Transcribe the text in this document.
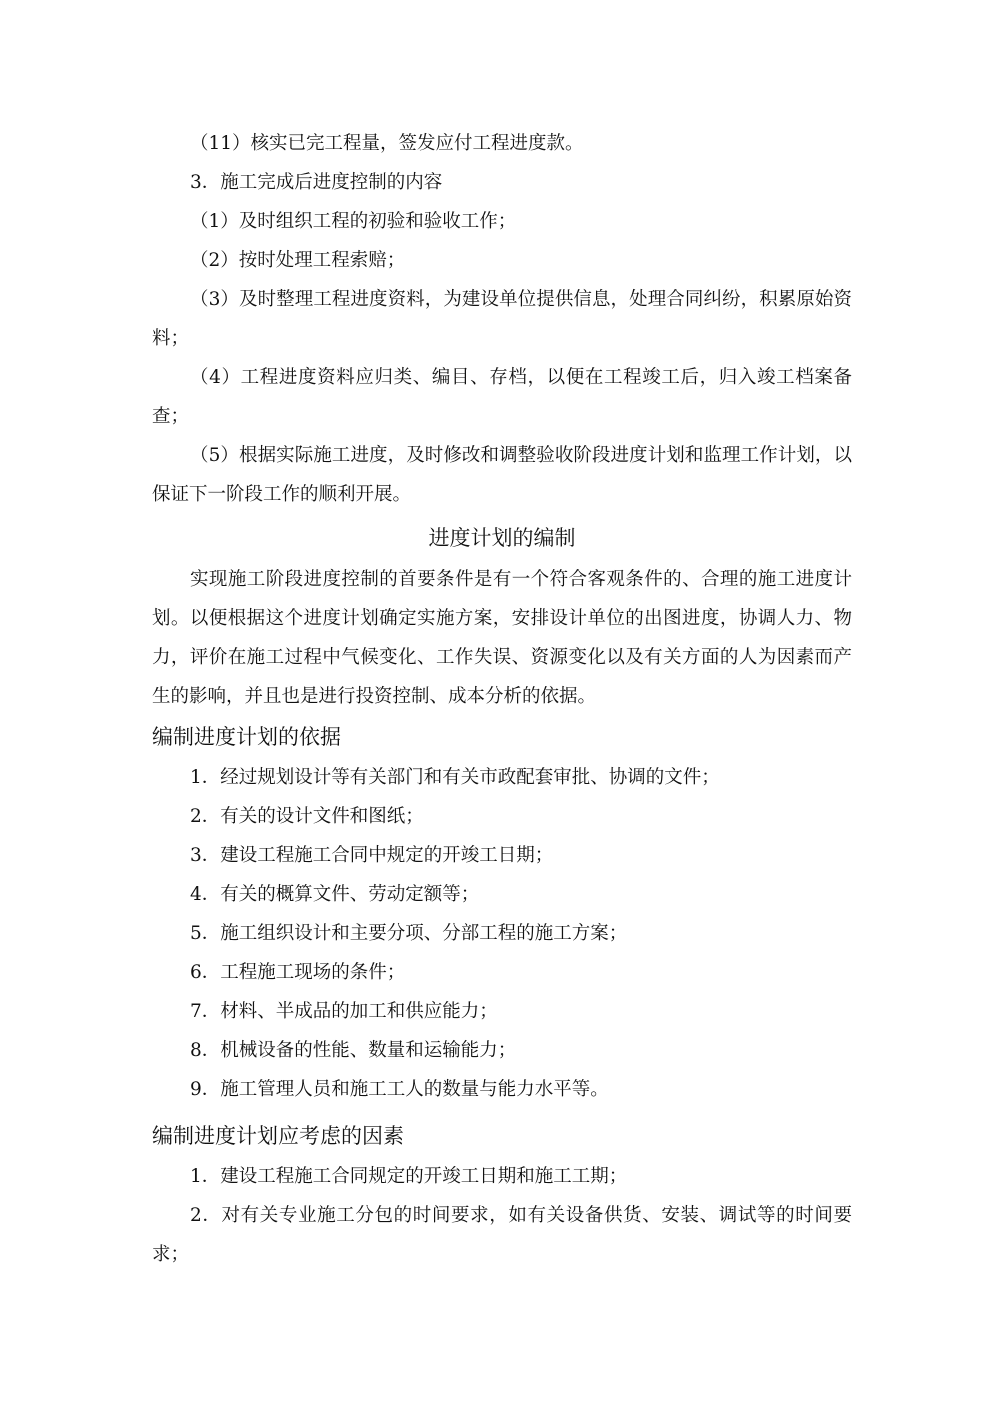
（11）核实已完工程量，签发应付工程进度款。

3．施工完成后进度控制的内容

（1）及时组织工程的初验和验收工作；

（2）按时处理工程索赔；

（3）及时整理工程进度资料，为建设单位提供信息，处理合同纠纷，积累原始资料；

（4）工程进度资料应归类、编目、存档，以便在工程竣工后，归入竣工档案备查；

（5）根据实际施工进度，及时修改和调整验收阶段进度计划和监理工作计划，以保证下一阶段工作的顺利开展。

进度计划的编制

实现施工阶段进度控制的首要条件是有一个符合客观条件的、合理的施工进度计划。以便根据这个进度计划确定实施方案，安排设计单位的出图进度，协调人力、物力，评价在施工过程中气候变化、工作失误、资源变化以及有关方面的人为因素而产生的影响，并且也是进行投资控制、成本分析的依据。

编制进度计划的依据

1．经过规划设计等有关部门和有关市政配套审批、协调的文件；

2．有关的设计文件和图纸；

3．建设工程施工合同中规定的开竣工日期；

4．有关的概算文件、劳动定额等；

5．施工组织设计和主要分项、分部工程的施工方案；

6．工程施工现场的条件；

7．材料、半成品的加工和供应能力；

8．机械设备的性能、数量和运输能力；

9．施工管理人员和施工工人的数量与能力水平等。

编制进度计划应考虑的因素

1．建设工程施工合同规定的开竣工日期和施工工期；

2．对有关专业施工分包的时间要求，如有关设备供货、安装、调试等的时间要求；
